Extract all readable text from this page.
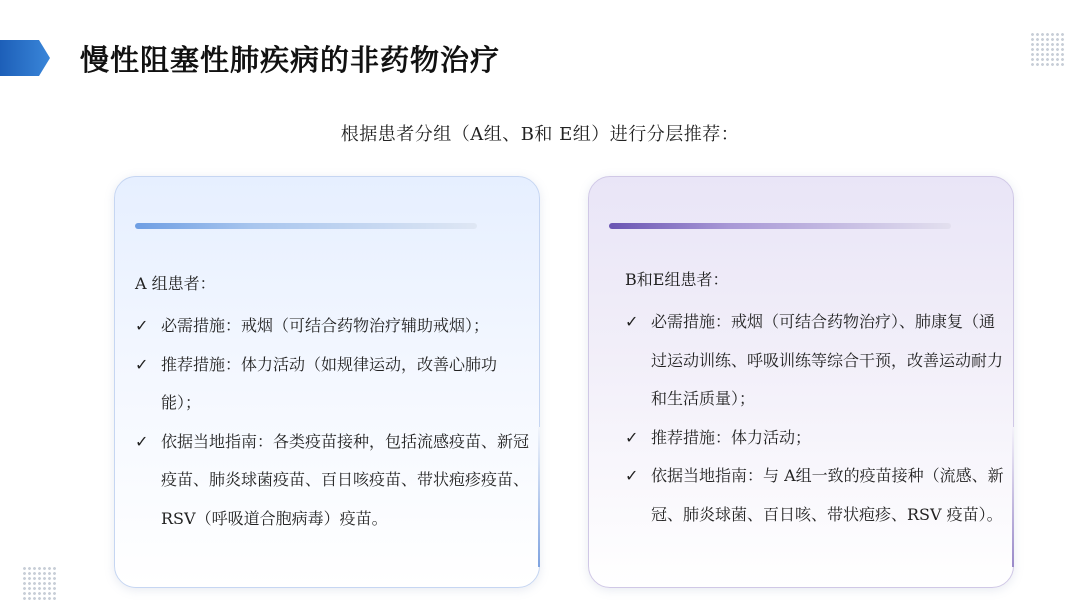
慢性阻塞性肺疾病的非药物治疗
根据患者分组（A组、B和 E组）进行分层推荐：
A 组患者：
✓ 必需措施：戒烟（可结合药物治疗辅助戒烟）；
✓ 推荐措施：体力活动（如规律运动，改善心肺功能）；
✓ 依据当地指南：各类疫苗接种，包括流感疫苗、新冠疫苗、肺炎球菌疫苗、百日咳疫苗、带状疱疹疫苗、RSV（呼吸道合胞病毒）疫苗。
B和E组患者：
✓ 必需措施：戒烟（可结合药物治疗）、肺康复（通过运动训练、呼吸训练等综合干预，改善运动耐力和生活质量）；
✓ 推荐措施：体力活动；
✓ 依据当地指南：与 A组一致的疫苗接种（流感、新冠、肺炎球菌、百日咳、带状疱疹、RSV 疫苗）。
